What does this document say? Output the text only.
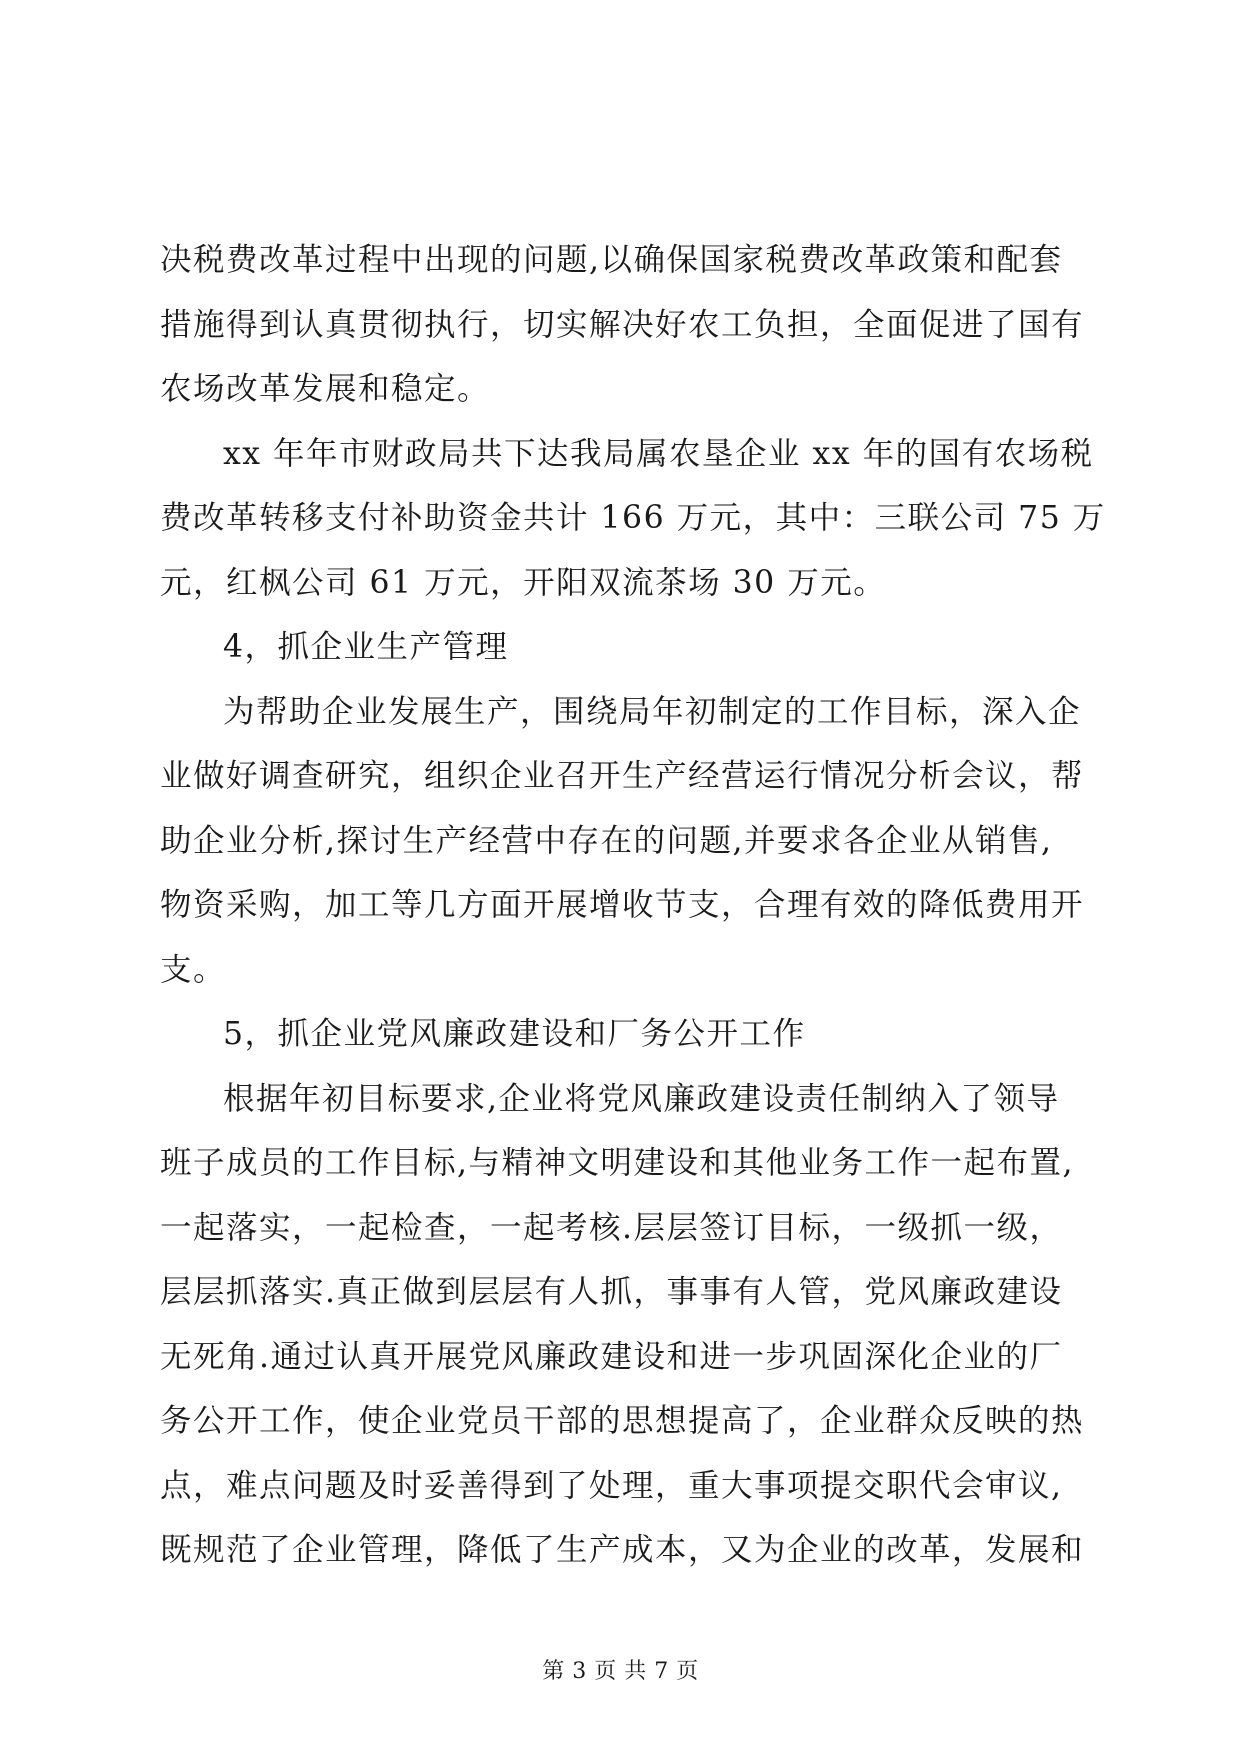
决税费改革过程中出现的问题,以确保国家税费改革政策和配套
措施得到认真贯彻执行，切实解决好农工负担，全面促进了国有
农场改革发展和稳定。

xx 年年市财政局共下达我局属农垦企业 xx 年的国有农场税
费改革转移支付补助资金共计 166 万元，其中：三联公司 75 万
元，红枫公司 61 万元，开阳双流茶场 30 万元。

4，抓企业生产管理

为帮助企业发展生产，围绕局年初制定的工作目标，深入企
业做好调查研究，组织企业召开生产经营运行情况分析会议，帮
助企业分析,探讨生产经营中存在的问题,并要求各企业从销售,
物资采购，加工等几方面开展增收节支，合理有效的降低费用开
支。

5，抓企业党风廉政建设和厂务公开工作

根据年初目标要求,企业将党风廉政建设责任制纳入了领导
班子成员的工作目标,与精神文明建设和其他业务工作一起布置,
一起落实，一起检查，一起考核.层层签订目标，一级抓一级，
层层抓落实.真正做到层层有人抓，事事有人管，党风廉政建设
无死角.通过认真开展党风廉政建设和进一步巩固深化企业的厂
务公开工作，使企业党员干部的思想提高了，企业群众反映的热
点，难点问题及时妥善得到了处理，重大事项提交职代会审议,
既规范了企业管理，降低了生产成本，又为企业的改革，发展和

第 3 页 共 7 页
